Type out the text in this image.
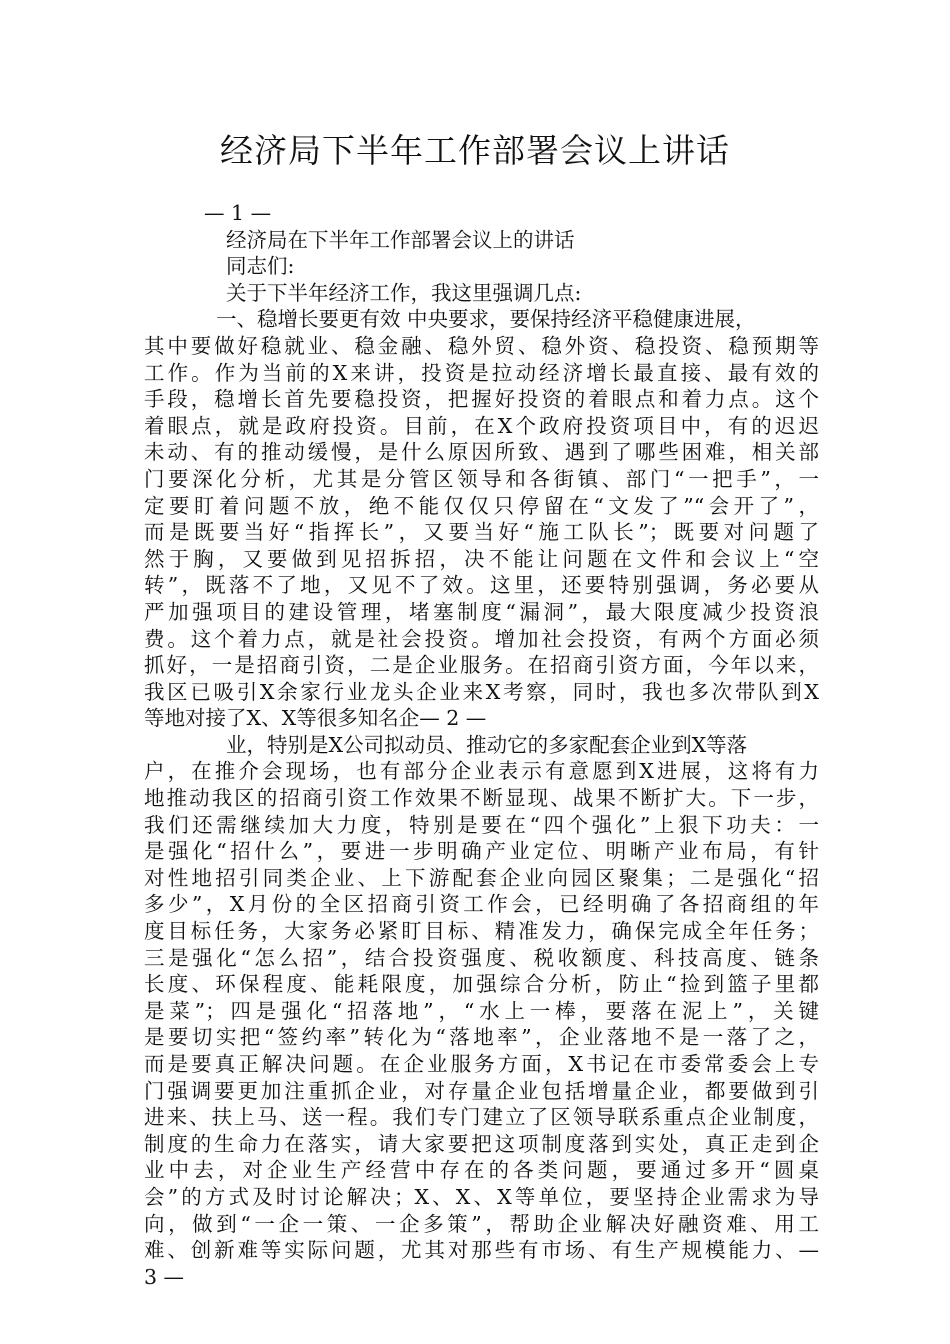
经济局下半年工作部署会议上讲话
— 1 —
经济局在下半年工作部署会议上的讲话
同志们:
关于下半年经济工作，我这里强调几点:
一、稳增长要更有效 中央要求，要保持经济平稳健康进展，
其中要做好稳就业、稳金融、稳外贸、稳外资、稳投资、稳预期等
工作。作为当前的X来讲，投资是拉动经济增长最直接、最有效的
手段，稳增长首先要稳投资，把握好投资的着眼点和着力点。这个
着眼点，就是政府投资。目前，在X个政府投资项目中，有的迟迟
未动、有的推动缓慢，是什么原因所致、遇到了哪些困难，相关部
门要深化分析，尤其是分管区领导和各街镇、部门“一把手”，一
定要盯着问题不放，绝不能仅仅只停留在“文发了”“会开了”，
而是既要当好“指挥长”，又要当好“施工队长”；既要对问题了
然于胸，又要做到见招拆招，决不能让问题在文件和会议上“空
转”，既落不了地，又见不了效。这里，还要特别强调，务必要从
严加强项目的建设管理，堵塞制度“漏洞”，最大限度减少投资浪
费。这个着力点，就是社会投资。增加社会投资，有两个方面必须
抓好，一是招商引资，二是企业服务。在招商引资方面，今年以来，
我区已吸引X余家行业龙头企业来X考察，同时，我也多次带队到X
等地对接了X、X等很多知名企— 2 —
业，特别是X公司拟动员、推动它的多家配套企业到X等落
户，在推介会现场，也有部分企业表示有意愿到X进展，这将有力
地推动我区的招商引资工作效果不断显现、战果不断扩大。下一步，
我们还需继续加大力度，特别是要在“四个强化”上狠下功夫：一
是强化“招什么”，要进一步明确产业定位、明晰产业布局，有针
对性地招引同类企业、上下游配套企业向园区聚集；二是强化“招
多少”，X月份的全区招商引资工作会，已经明确了各招商组的年
度目标任务，大家务必紧盯目标、精准发力，确保完成全年任务；
三是强化“怎么招”，结合投资强度、税收额度、科技高度、链条
长度、环保程度、能耗限度，加强综合分析，防止“捡到篮子里都
是菜”；四是强化“招落地”，“水上一棒，要落在泥上”，关键
是要切实把“签约率”转化为“落地率”，企业落地不是一落了之，
而是要真正解决问题。在企业服务方面，X书记在市委常委会上专
门强调要更加注重抓企业，对存量企业包括增量企业，都要做到引
进来、扶上马、送一程。我们专门建立了区领导联系重点企业制度，
制度的生命力在落实，请大家要把这项制度落到实处，真正走到企
业中去，对企业生产经营中存在的各类问题，要通过多开“圆桌
会”的方式及时讨论解决；X、X、X等单位，要坚持企业需求为导
向，做到“一企一策、一企多策”，帮助企业解决好融资难、用工
难、创新难等实际问题，尤其对那些有市场、有生产规模能力、—
3 —
